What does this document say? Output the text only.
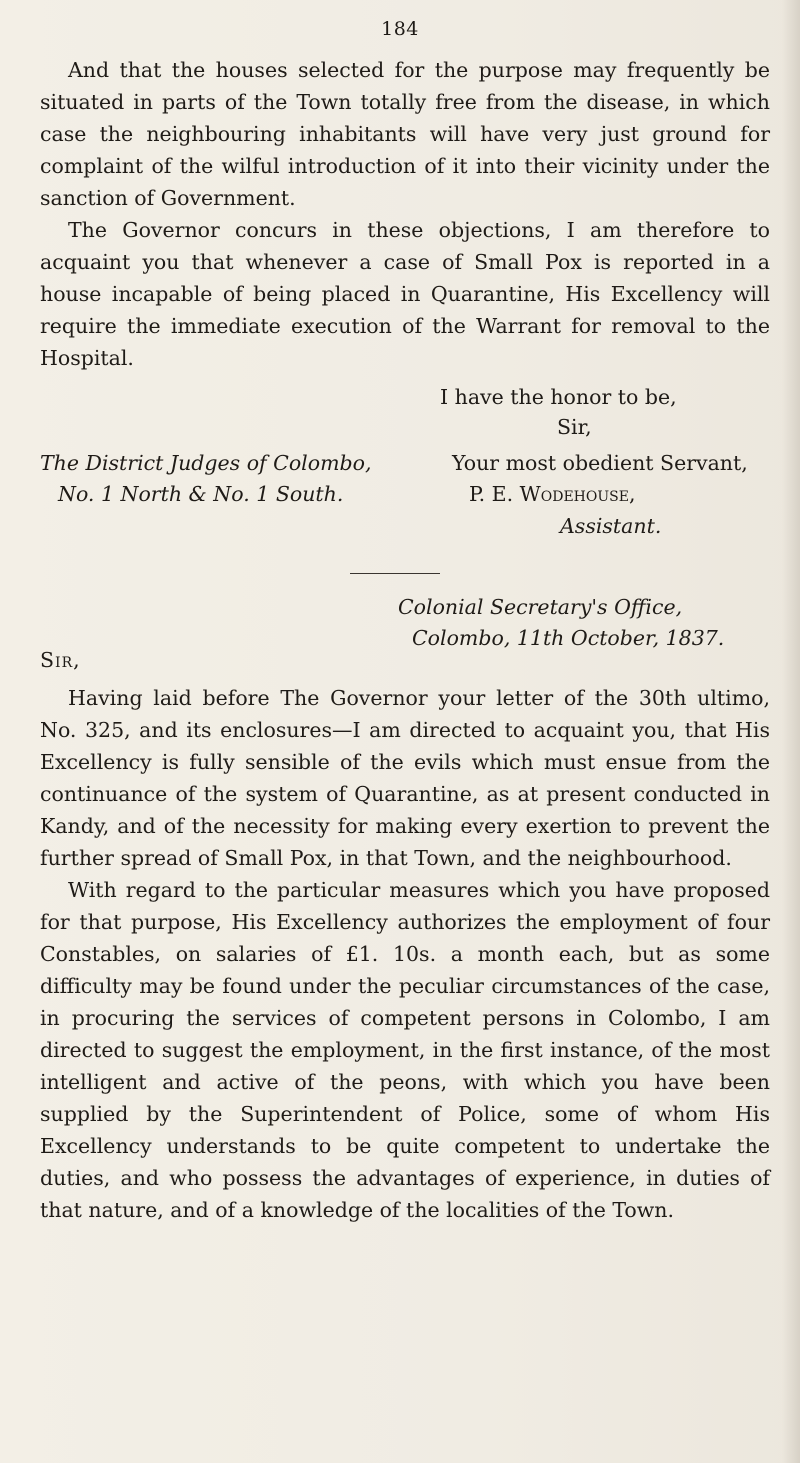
184

And that the houses selected for the purpose may frequently be situated in parts of the Town totally free from the disease, in which case the neighbouring inhabitants will have very just ground for complaint of the wilful introduction of it into their vicinity under the sanction of Government.

The Governor concurs in these objections, I am therefore to acquaint you that whenever a case of Small Pox is reported in a house incapable of being placed in Quarantine, His Excellency will require the immediate execution of the Warrant for removal to the Hospital.

I have the honor to be,
Sir,
Your most obedient Servant,
P. E. Wodehouse,
Assistant.
The District Judges of Colombo,
No. 1 North & No. 1 South.
Colonial Secretary's Office,
Colombo, 11th October, 1837.
Sir,

Having laid before The Governor your letter of the 30th ultimo, No. 325, and its enclosures—I am directed to acquaint you, that His Excellency is fully sensible of the evils which must ensue from the continuance of the system of Quarantine, as at present conducted in Kandy, and of the necessity for making every exertion to prevent the further spread of Small Pox, in that Town, and the neighbourhood.

With regard to the particular measures which you have proposed for that purpose, His Excellency authorizes the employment of four Constables, on salaries of £1. 10s. a month each, but as some difficulty may be found under the peculiar circumstances of the case, in procuring the services of competent persons in Colombo, I am directed to suggest the employment, in the first instance, of the most intelligent and active of the peons, with which you have been supplied by the Superintendent of Police, some of whom His Excellency understands to be quite competent to undertake the duties, and who possess the advantages of experience, in duties of that nature, and of a knowledge of the localities of the Town.
